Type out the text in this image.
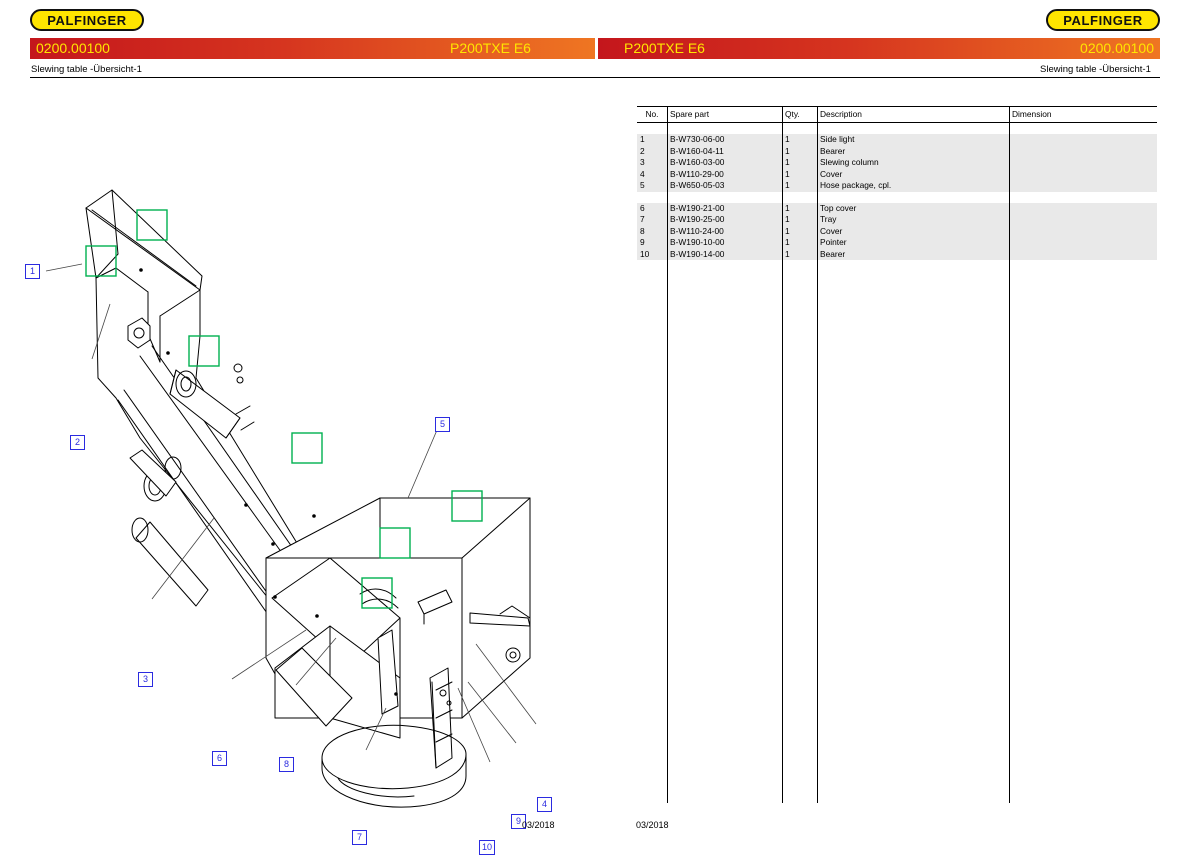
PALFINGER	PALFINGER
0200.00100	P200TXE E6	P200TXE E6	0200.00100
Slewing table -Übersicht-1	Slewing table -Übersicht-1
1
2
3
4
5
6
7
8
9
10
No.	Spare part	Qty.	Description	Dimension

1	B-W730-06-00	1	Side light	
2	B-W160-04-11	1	Bearer	
3	B-W160-03-00	1	Slewing column	
4	B-W110-29-00	1	Cover	
5	B-W650-05-03	1	Hose package, cpl.	

6	B-W190-21-00	1	Top cover	
7	B-W190-25-00	1	Tray	
8	B-W110-24-00	1	Cover	
9	B-W190-10-00	1	Pointer	
10	B-W190-14-00	1	Bearer	
03/2018	03/2018
